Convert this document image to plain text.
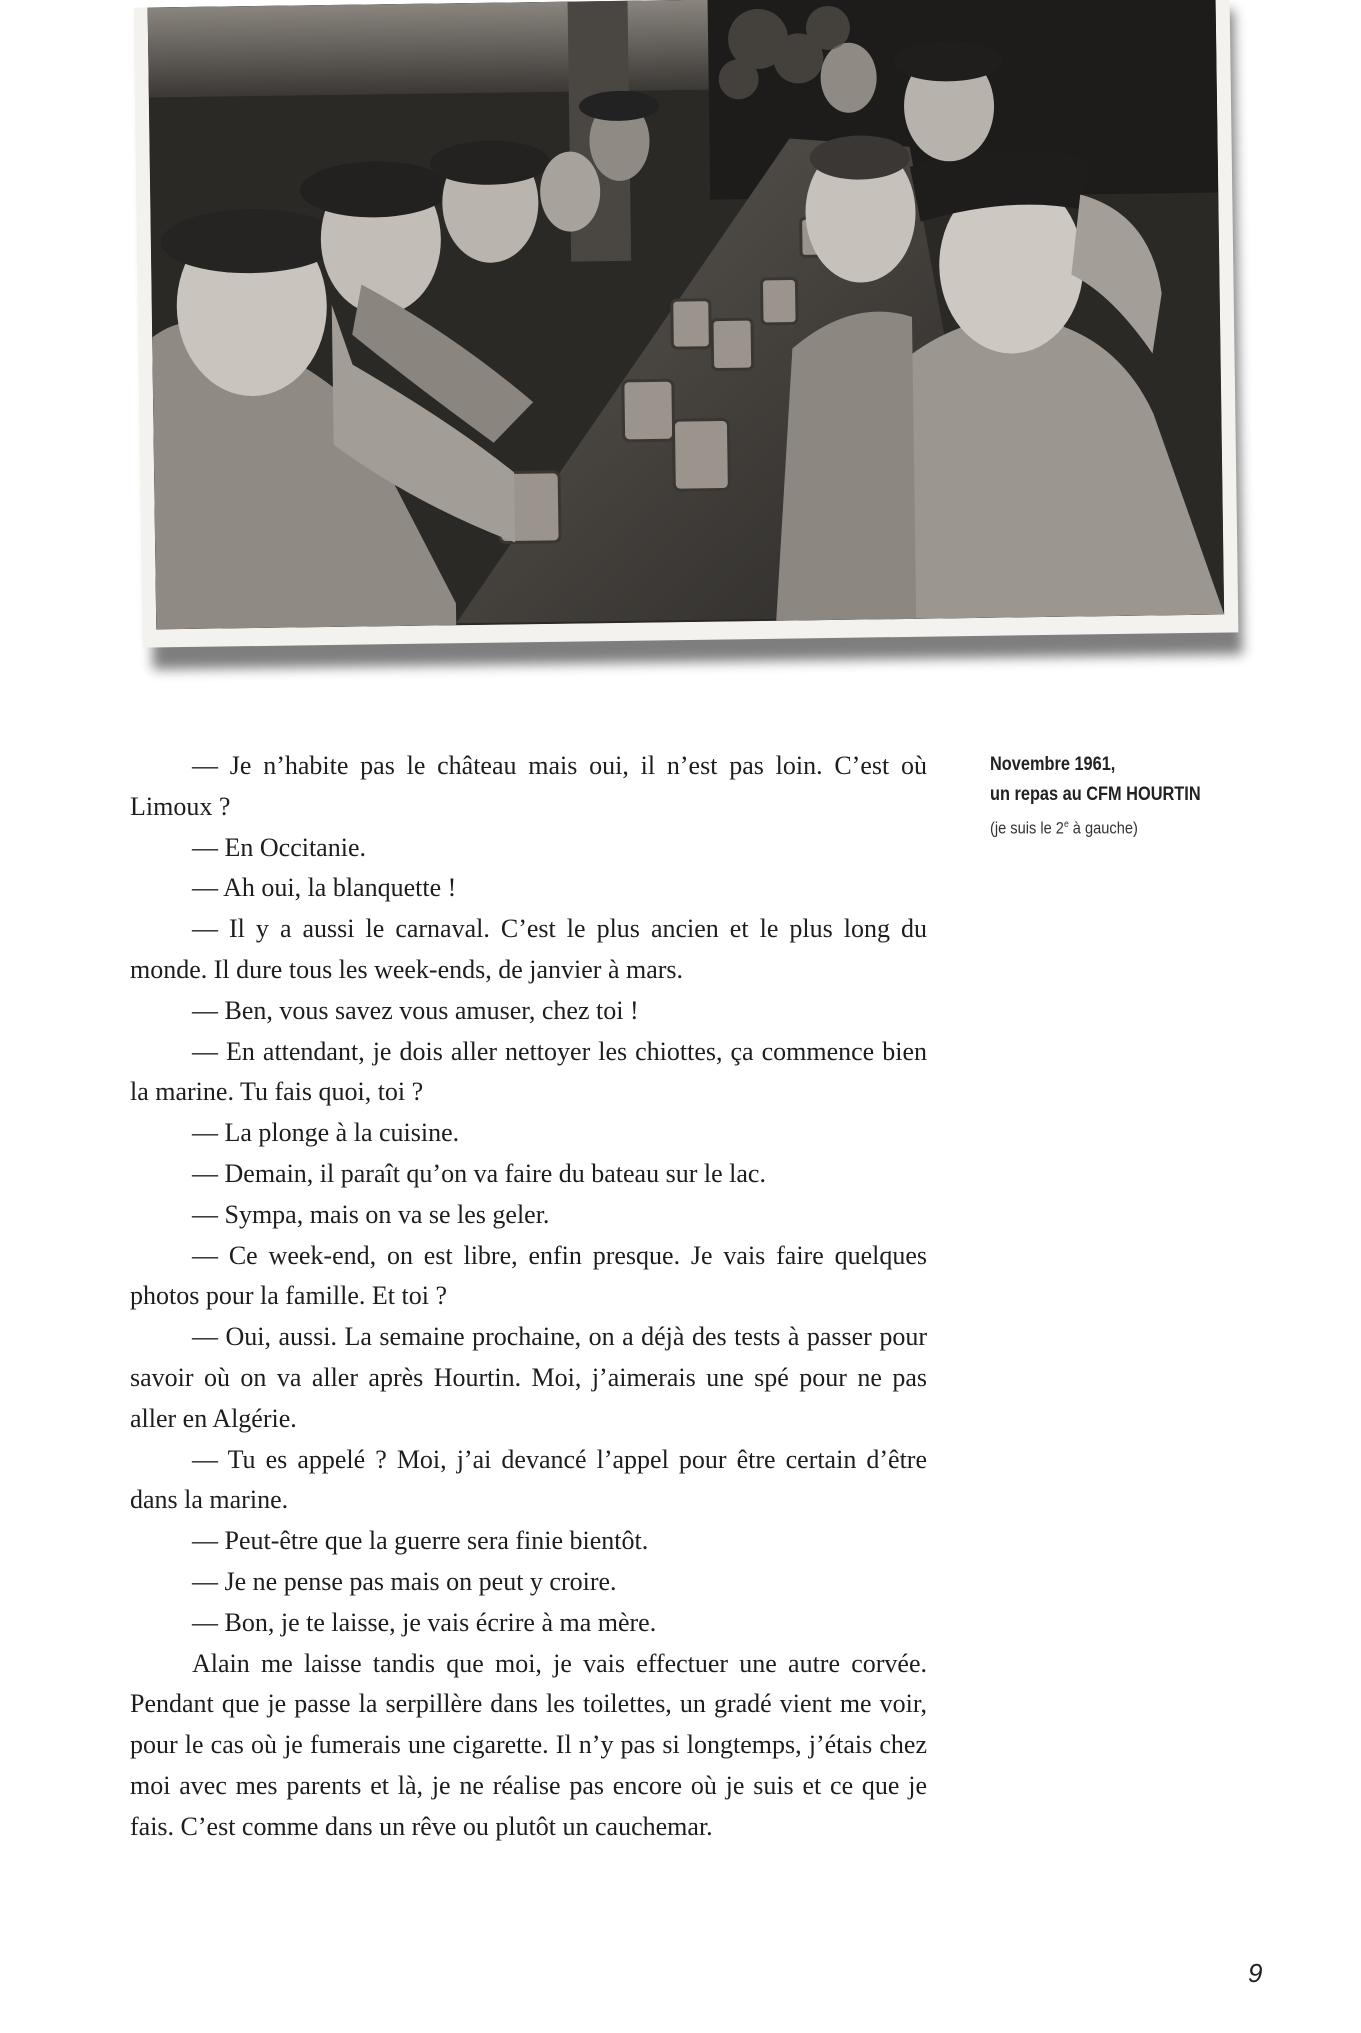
Novembre 1961,
un repas au CFM HOURTIN
(je suis le 2e à gauche)

— Je n’habite pas le château mais oui, il n’est pas loin. C’est où Limoux ?

— En Occitanie.

— Ah oui, la blanquette !

— Il y a aussi le carnaval. C’est le plus ancien et le plus long du monde. Il dure tous les week-ends, de janvier à mars.

— Ben, vous savez vous amuser, chez toi !

— En attendant, je dois aller nettoyer les chiottes, ça commence bien la marine. Tu fais quoi, toi ?

— La plonge à la cuisine.

— Demain, il paraît qu’on va faire du bateau sur le lac.

— Sympa, mais on va se les geler.

— Ce week-end, on est libre, enfin presque. Je vais faire quelques photos pour la famille. Et toi ?

— Oui, aussi. La semaine prochaine, on a déjà des tests à passer pour savoir où on va aller après Hourtin. Moi, j’aimerais une spé pour ne pas aller en Algérie.

— Tu es appelé ? Moi, j’ai devancé l’appel pour être certain d’être dans la marine.

— Peut-être que la guerre sera finie bientôt.

— Je ne pense pas mais on peut y croire.

— Bon, je te laisse, je vais écrire à ma mère.

Alain me laisse tandis que moi, je vais effectuer une autre corvée. Pendant que je passe la serpillère dans les toilettes, un gradé vient me voir, pour le cas où je fumerais une cigarette. Il n’y pas si longtemps, j’étais chez moi avec mes parents et là, je ne réalise pas encore où je suis et ce que je fais. C’est comme dans un rêve ou plutôt un cauchemar.

9
